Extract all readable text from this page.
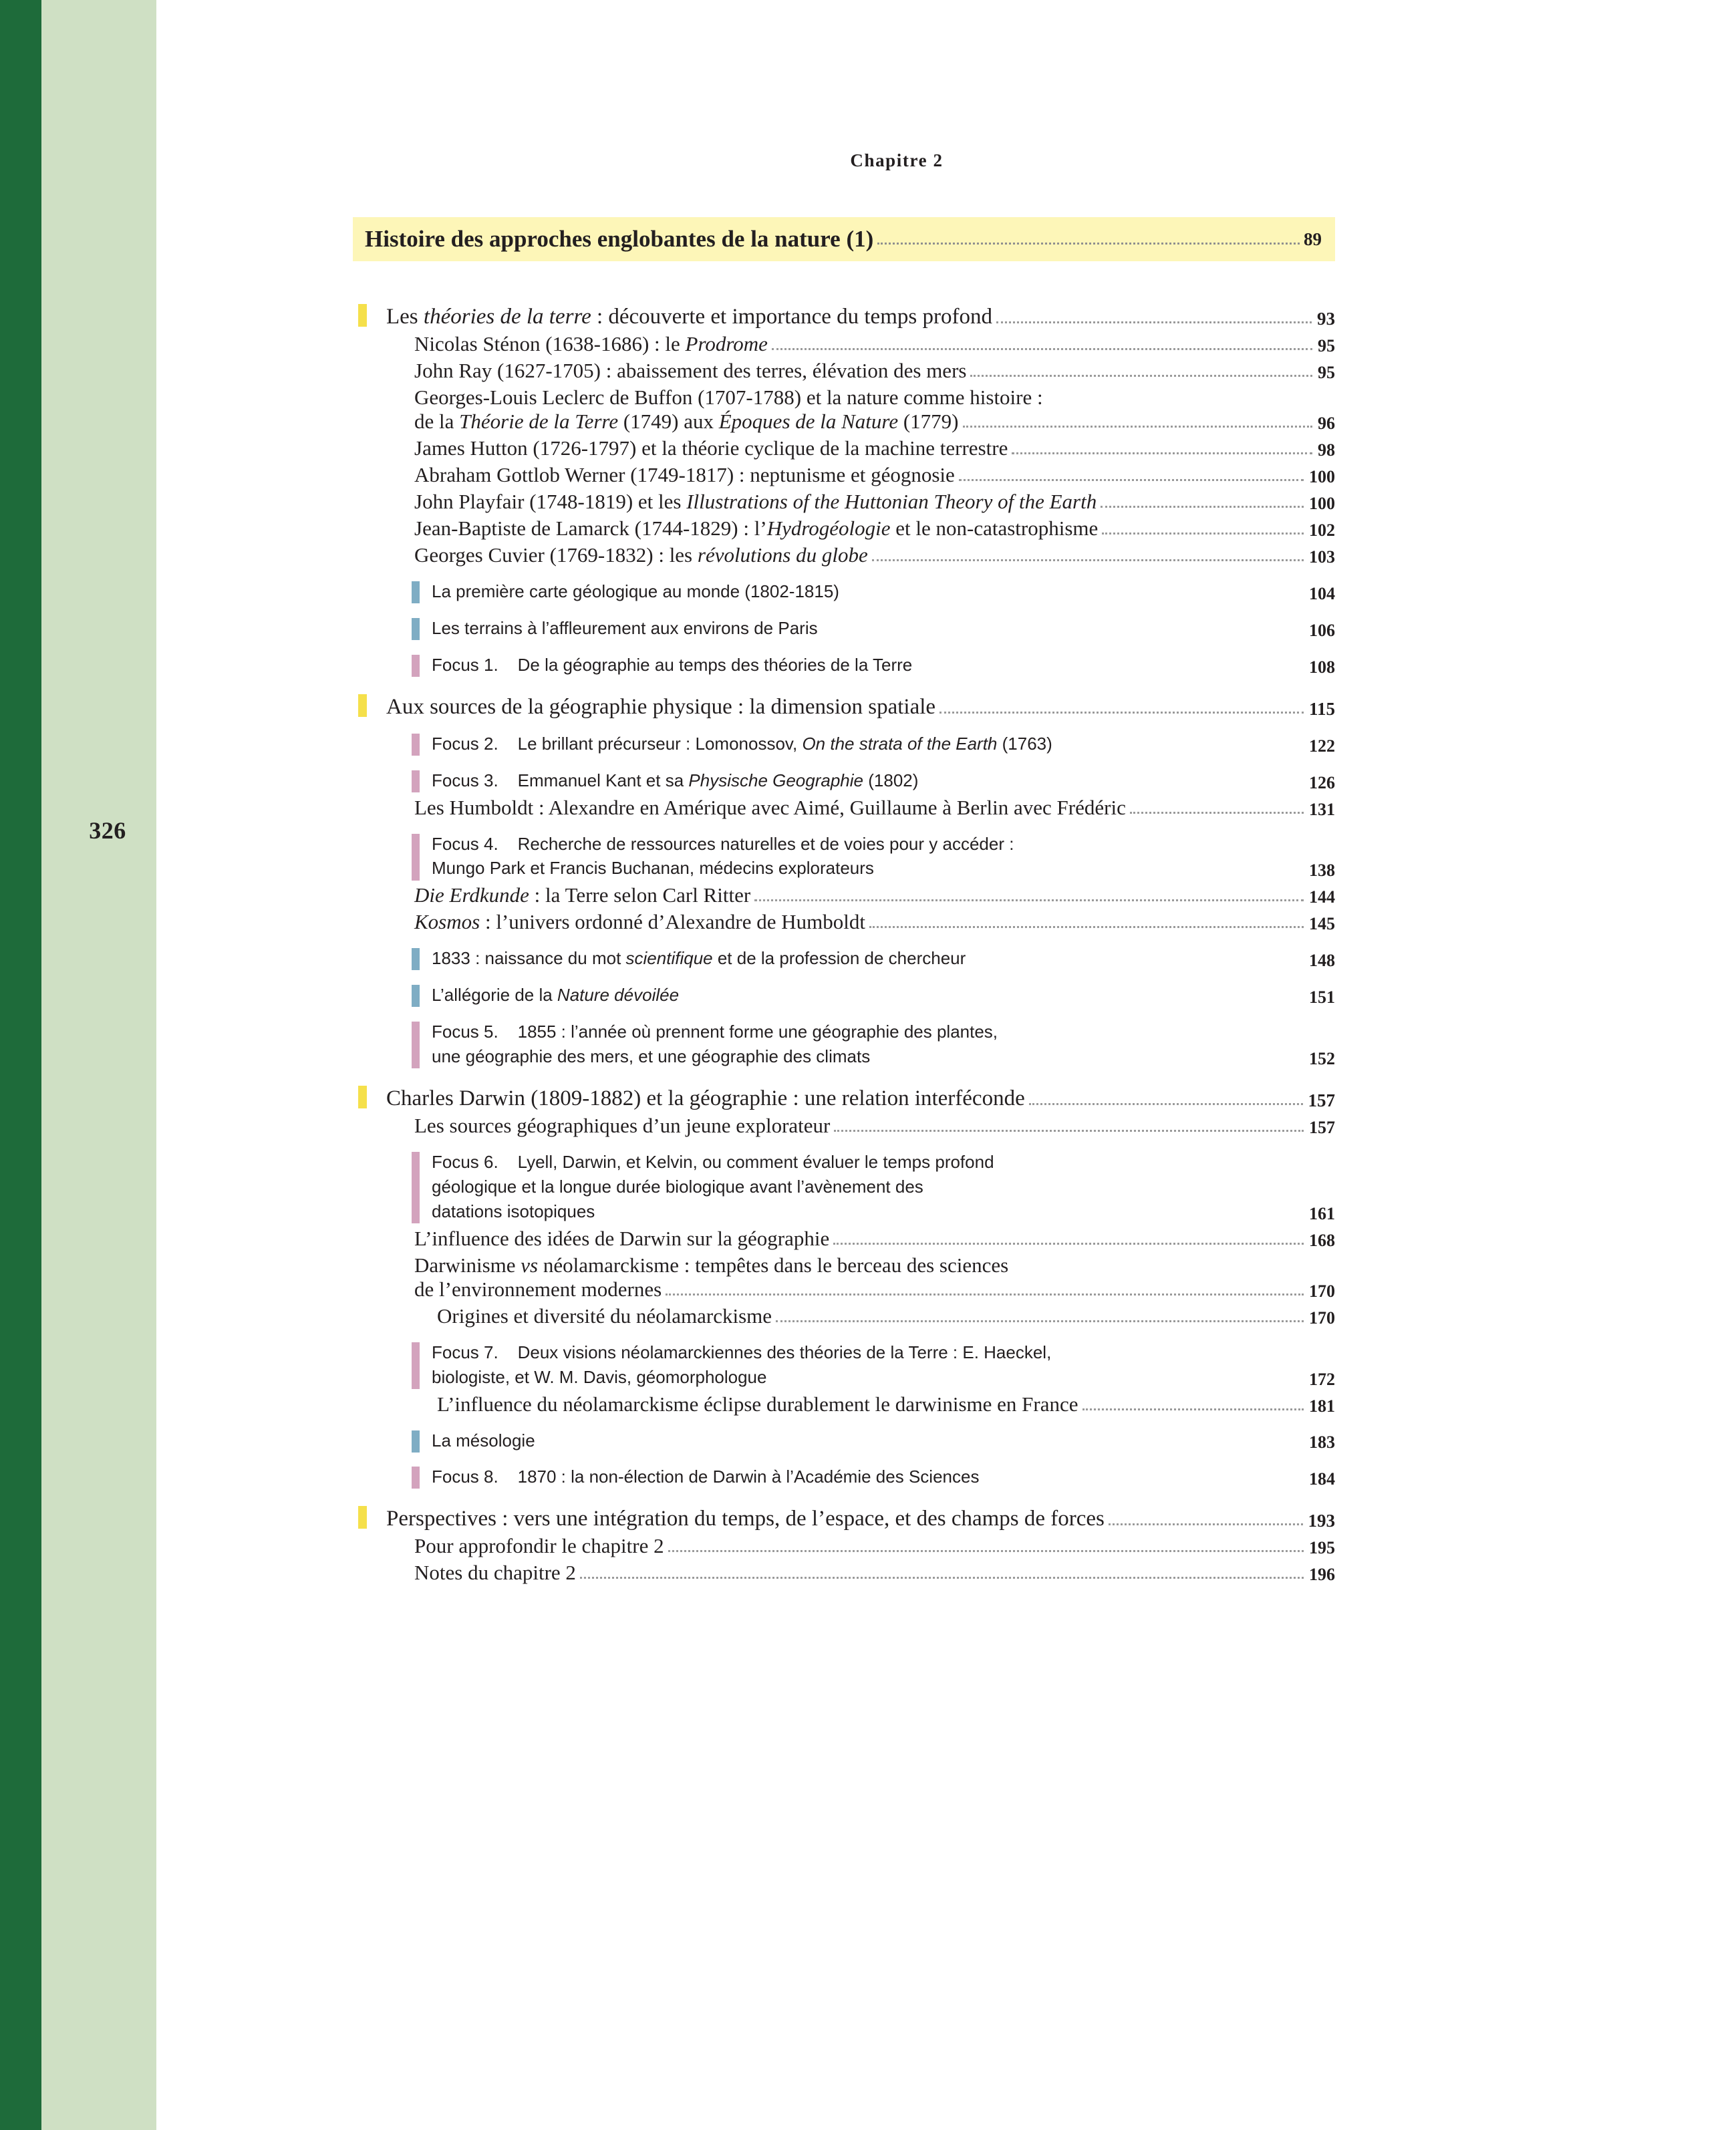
326
Chapitre 2
Histoire des approches englobantes de la nature (1)	89
Les théories de la terre : découverte et importance du temps profond	93
Nicolas Sténon (1638-1686) : le Prodrome	95
John Ray (1627-1705) : abaissement des terres, élévation des mers	95
Georges-Louis Leclerc de Buffon (1707-1788) et la nature comme histoire :
de la Théorie de la Terre (1749) aux Époques de la Nature (1779)	96
James Hutton (1726-1797) et la théorie cyclique de la machine terrestre	98
Abraham Gottlob Werner (1749-1817) : neptunisme et géognosie	100
John Playfair (1748-1819) et les Illustrations of the Huttonian Theory of the Earth	100
Jean-Baptiste de Lamarck (1744-1829) : l’Hydrogéologie et le non-catastrophisme	102
Georges Cuvier (1769-1832) : les révolutions du globe	103
La première carte géologique au monde (1802-1815)	104
Les terrains à l’affleurement aux environs de Paris	106
Focus 1.    De la géographie au temps des théories de la Terre	108
Aux sources de la géographie physique : la dimension spatiale	115
Focus 2.    Le brillant précurseur : Lomonossov, On the strata of the Earth (1763)	122
Focus 3.    Emmanuel Kant et sa Physische Geographie (1802)	126
Les Humboldt : Alexandre en Amérique avec Aimé, Guillaume à Berlin avec Frédéric	131
Focus 4.    Recherche de ressources naturelles et de voies pour y accéder :
Mungo Park et Francis Buchanan, médecins explorateurs	138
Die Erdkunde : la Terre selon Carl Ritter	144
Kosmos : l’univers ordonné d’Alexandre de Humboldt	145
1833 : naissance du mot scientifique et de la profession de chercheur	148
L’allégorie de la Nature dévoilée	151
Focus 5.    1855 : l’année où prennent forme une géographie des plantes,
une géographie des mers, et une géographie des climats	152
Charles Darwin (1809-1882) et la géographie : une relation interféconde	157
Les sources géographiques d’un jeune explorateur	157
Focus 6.    Lyell, Darwin, et Kelvin, ou comment évaluer le temps profond
géologique et la longue durée biologique avant l’avènement des
datations isotopiques	161
L’influence des idées de Darwin sur la géographie	168
Darwinisme vs néolamarckisme : tempêtes dans le berceau des sciences
de l’environnement modernes	170
Origines et diversité du néolamarckisme	170
Focus 7.    Deux visions néolamarckiennes des théories de la Terre : E. Haeckel,
biologiste, et W. M. Davis, géomorphologue	172
L’influence du néolamarckisme éclipse durablement le darwinisme en France	181
La mésologie	183
Focus 8.    1870 : la non-élection de Darwin à l’Académie des Sciences	184
Perspectives : vers une intégration du temps, de l’espace, et des champs de forces	193
Pour approfondir le chapitre 2	195
Notes du chapitre 2	196
